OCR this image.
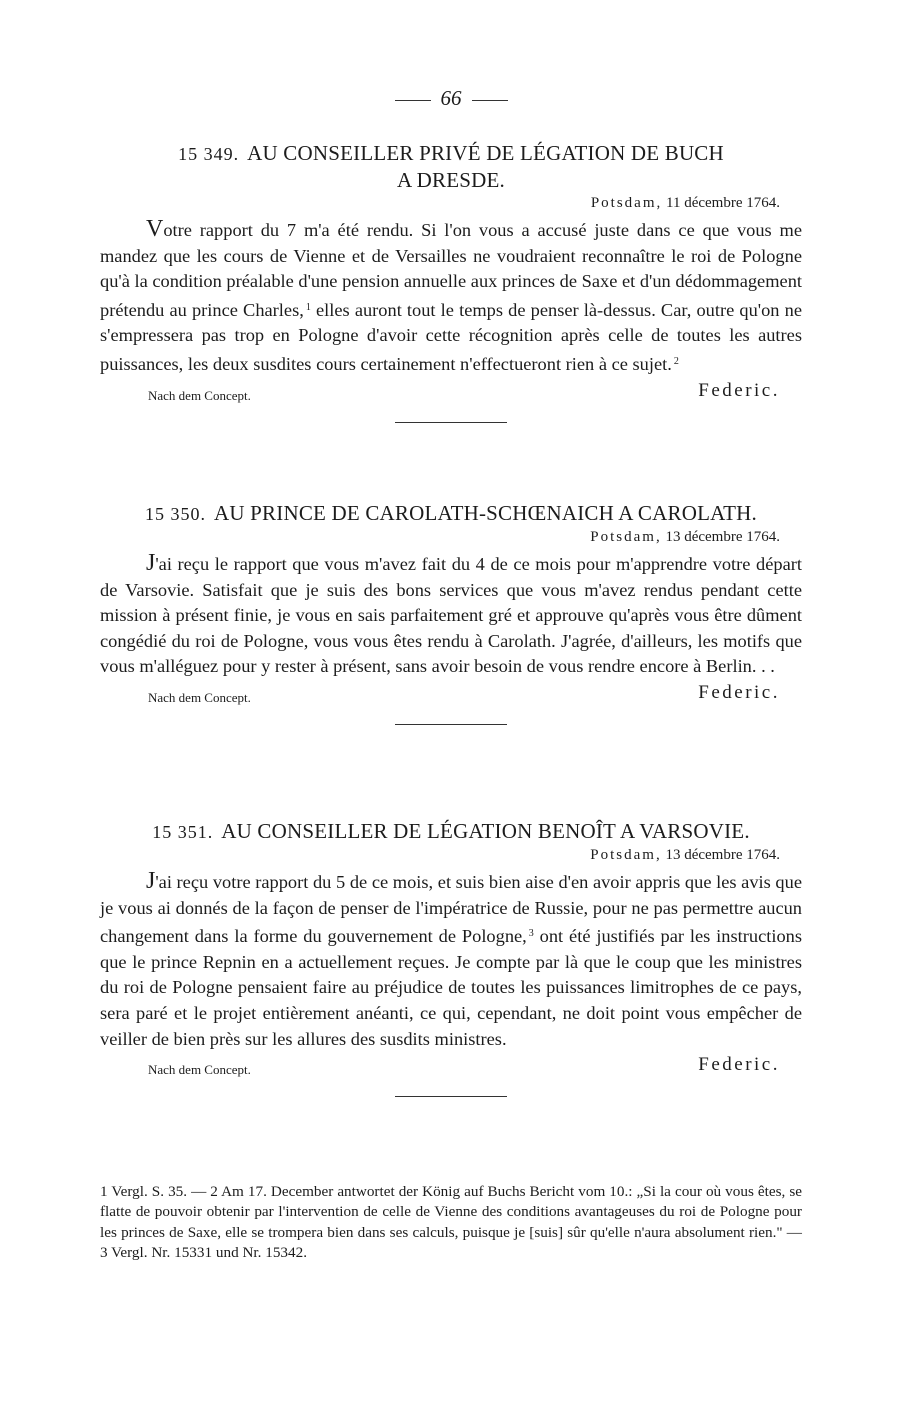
66
15 349. AU CONSEILLER PRIVÉ DE LÉGATION DE BUCH
A DRESDE.
Potsdam, 11 décembre 1764.

Votre rapport du 7 m'a été rendu. Si l'on vous a accusé juste dans ce que vous me mandez que les cours de Vienne et de Versailles ne voudraient reconnaître le roi de Pologne qu'à la condition préalable d'une pension annuelle aux princes de Saxe et d'un dédommagement prétendu au prince Charles, $^1$ elles auront tout le temps de penser là-dessus. Car, outre qu'on ne s'empressera pas trop en Pologne d'avoir cette récognition après celle de toutes les autres puissances, les deux susdites cours certainement n'effectueront rien à ce sujet. $^2$

Nach dem Concept.	Federic.
15 350. AU PRINCE DE CAROLATH-SCHŒNAICH A CAROLATH.
Potsdam, 13 décembre 1764.

J'ai reçu le rapport que vous m'avez fait du 4 de ce mois pour m'apprendre votre départ de Varsovie. Satisfait que je suis des bons services que vous m'avez rendus pendant cette mission à présent finie, je vous en sais parfaitement gré et approuve qu'après vous être dûment congédié du roi de Pologne, vous vous êtes rendu à Carolath. J'agrée, d'ailleurs, les motifs que vous m'alléguez pour y rester à présent, sans avoir besoin de vous rendre encore à Berlin. . .

Nach dem Concept.	Federic.
15 351. AU CONSEILLER DE LÉGATION BENOÎT A VARSOVIE.
Potsdam, 13 décembre 1764.

J'ai reçu votre rapport du 5 de ce mois, et suis bien aise d'en avoir appris que les avis que je vous ai donnés de la façon de penser de l'impératrice de Russie, pour ne pas permettre aucun changement dans la forme du gouvernement de Pologne, $^3$ ont été justifiés par les instructions que le prince Repnin en a actuellement reçues. Je compte par là que le coup que les ministres du roi de Pologne pensaient faire au préjudice de toutes les puissances limitrophes de ce pays, sera paré et le projet entièrement anéanti, ce qui, cependant, ne doit point vous empêcher de veiller de bien près sur les allures des susdits ministres.

Nach dem Concept.	Federic.
1 Vergl. S. 35. — 2 Am 17. December antwortet der König auf Buchs Bericht vom 10.: „Si la cour où vous êtes, se flatte de pouvoir obtenir par l'intervention de celle de Vienne des conditions avantageuses du roi de Pologne pour les princes de Saxe, elle se trompera bien dans ses calculs, puisque je [suis] sûr qu'elle n'aura absolument rien." — 3 Vergl. Nr. 15331 und Nr. 15342.
